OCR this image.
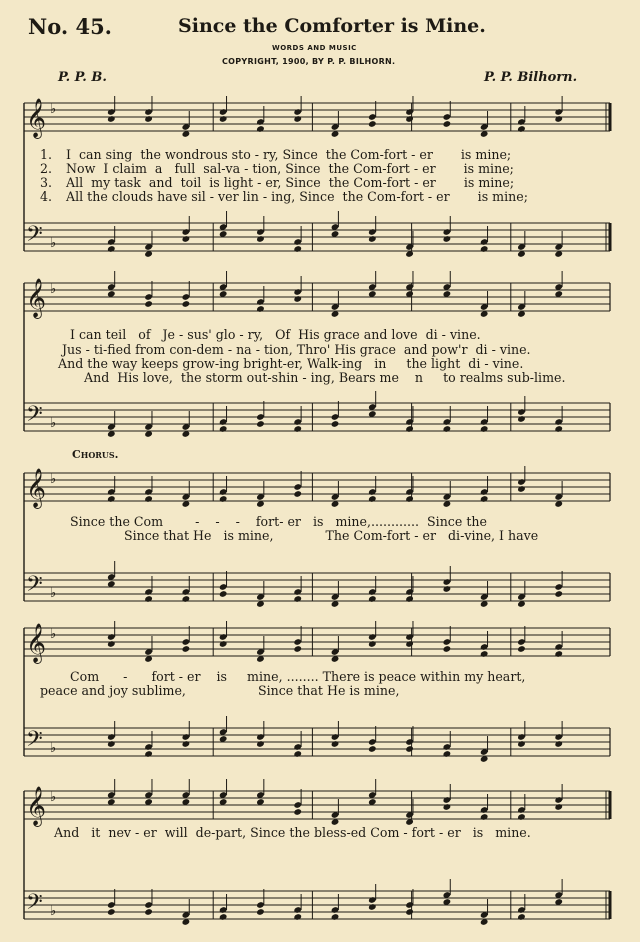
No. 45.	Since the Comforter is Mine.
WORDS AND MUSIC
COPYRIGHT, 1900, BY P. P. BILHORN.
P. P. B.	P. P. Bilhorn.
Chorus.
𝄞
𝄢
♭
♭
𝄞
𝄢
♭
♭
𝄞
𝄢
♭
♭
𝄞
𝄢
♭
♭
𝄞
𝄢
♭
♭
1. I  can sing  the wondrous sto - ry, Since  the Com-fort - er       is mine;
2. Now  I claim  a   full  sal-va - tion, Since  the Com-fort - er       is mine;
3. All  my task  and  toil  is light - er, Since  the Com-fort - er       is mine;
4. All the clouds have sil - ver lin - ing, Since  the Com-fort - er       is mine;
I can teil   of   Je - sus' glo - ry,   Of  His grace and love  di - vine.
Jus - ti-fied from con-dem - na - tion, Thro' His grace  and pow'r  di - vine.
And the way keeps grow-ing bright-er, Walk-ing   in     the light  di - vine.
And  His love,  the storm out-shin - ing, Bears me    n     to realms sub-lime.
Since the Com        -    -    -    fort- er   is   mine,............  Since the
Since that He   is mine,             The Com-fort - er   di-vine, I have
Com      -      fort - er    is     mine, ........ There is peace within my heart,
peace and joy sublime,                  Since that He is mine,
And   it  nev - er  will  de-part, Since the bless-ed Com - fort - er   is   mine.
